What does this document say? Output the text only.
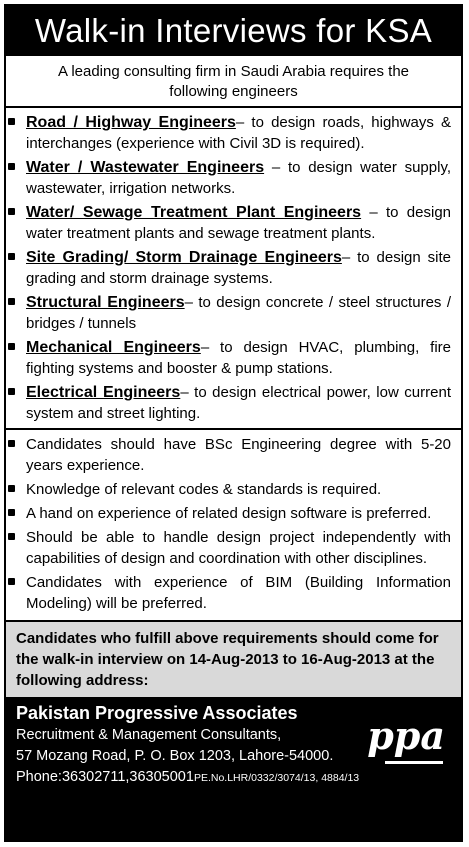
Walk-in Interviews for KSA
A leading consulting firm in Saudi Arabia requires the
following engineers
Road / Highway Engineers– to design roads, highways & interchanges (experience with Civil 3D is required).
Water / Wastewater Engineers – to design water supply, wastewater, irrigation networks.
Water/ Sewage Treatment Plant Engineers – to design water treatment plants and sewage treatment plants.
Site Grading/ Storm Drainage Engineers– to design site grading and storm drainage systems.
Structural Engineers– to design concrete / steel structures / bridges / tunnels
Mechanical Engineers– to design HVAC, plumbing, fire fighting systems and booster & pump stations.
Electrical Engineers– to design electrical power, low current system and street lighting.
Candidates should have BSc Engineering degree with 5-20 years experience.
Knowledge of relevant codes & standards is required.
A hand on experience of related design software is preferred.
Should be able to handle design project independently with capabilities of design and coordination with other disciplines.
Candidates with experience of BIM (Building Information Modeling) will be preferred.
Candidates who fulfill above requirements should come for the walk-in interview on 14-Aug-2013 to 16-Aug-2013 at the following address:
Pakistan Progressive Associates
Recruitment & Management Consultants,
57 Mozang Road, P. O. Box 1203, Lahore-54000.
Phone:36302711,36305001PE.No.LHR/0332/3074/13, 4884/13
ppa
